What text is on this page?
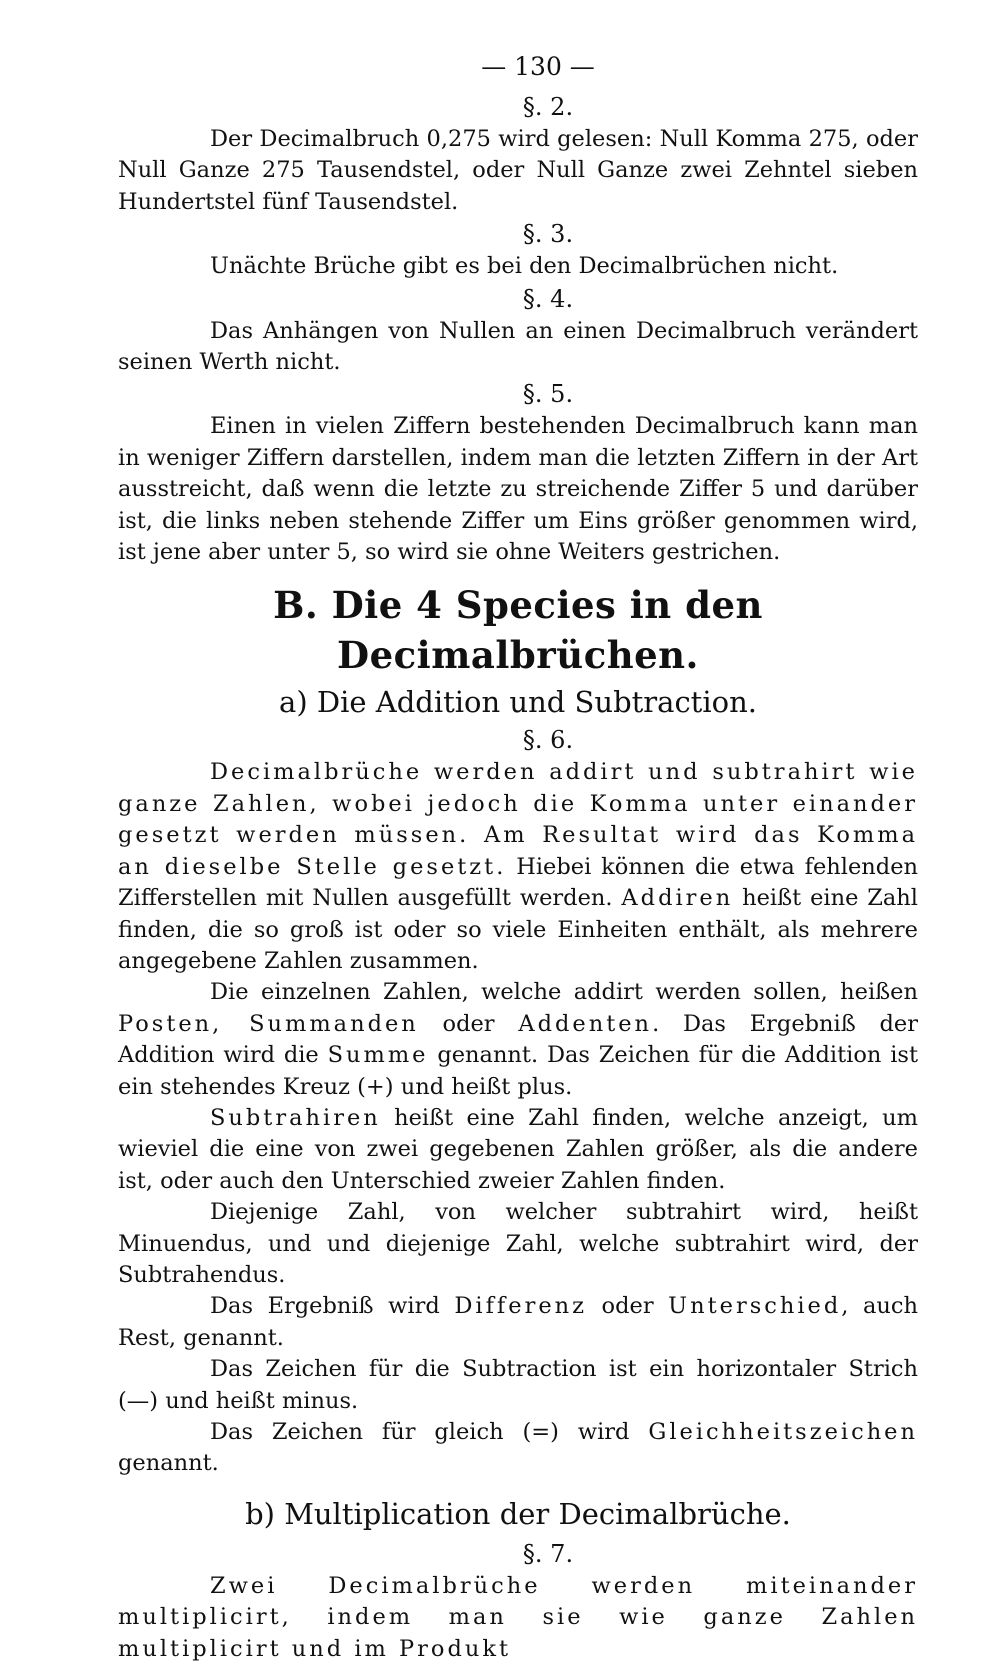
— 130 —
§. 2.

Der Decimalbruch 0,275 wird gelesen: Null Komma 275, oder Null Ganze 275 Tausendstel, oder Null Ganze zwei Zehntel sieben Hundertstel fünf Tausendstel.

§. 3.

Unächte Brüche gibt es bei den Decimalbrüchen nicht.

§. 4.

Das Anhängen von Nullen an einen Decimalbruch verändert seinen Werth nicht.

§. 5.

Einen in vielen Ziffern bestehenden Decimalbruch kann man in weniger Ziffern darstellen, indem man die letzten Ziffern in der Art ausstreicht, daß wenn die letzte zu streichende Ziffer 5 und darüber ist, die links neben stehende Ziffer um Eins größer genommen wird, ist jene aber unter 5, so wird sie ohne Weiters gestrichen.

B. Die 4 Species in den Decimalbrüchen.
a) Die Addition und Subtraction.
§. 6.

Decimalbrüche werden addirt und subtrahirt wie ganze Zahlen, wobei jedoch die Komma unter einander gesetzt werden müssen. Am Resultat wird das Komma an dieselbe Stelle gesetzt. Hiebei können die etwa fehlenden Zifferstellen mit Nullen ausgefüllt werden. Addiren heißt eine Zahl finden, die so groß ist oder so viele Einheiten enthält, als mehrere angegebene Zahlen zusammen.

Die einzelnen Zahlen, welche addirt werden sollen, heißen Posten, Summanden oder Addenten. Das Ergebniß der Addition wird die Summe genannt. Das Zeichen für die Addition ist ein stehendes Kreuz (+) und heißt plus.

Subtrahiren heißt eine Zahl finden, welche anzeigt, um wieviel die eine von zwei gegebenen Zahlen größer, als die andere ist, oder auch den Unterschied zweier Zahlen finden.

Diejenige Zahl, von welcher subtrahirt wird, heißt Minuendus, und und diejenige Zahl, welche subtrahirt wird, der Subtrahendus.

Das Ergebniß wird Differenz oder Unterschied, auch Rest, genannt.

Das Zeichen für die Subtraction ist ein horizontaler Strich (—) und heißt minus.

Das Zeichen für gleich (=) wird Gleichheitszeichen genannt.

b) Multiplication der Decimalbrüche.
§. 7.

Zwei Decimalbrüche werden miteinander multiplicirt, indem man sie wie ganze Zahlen multiplicirt und im Produkt
